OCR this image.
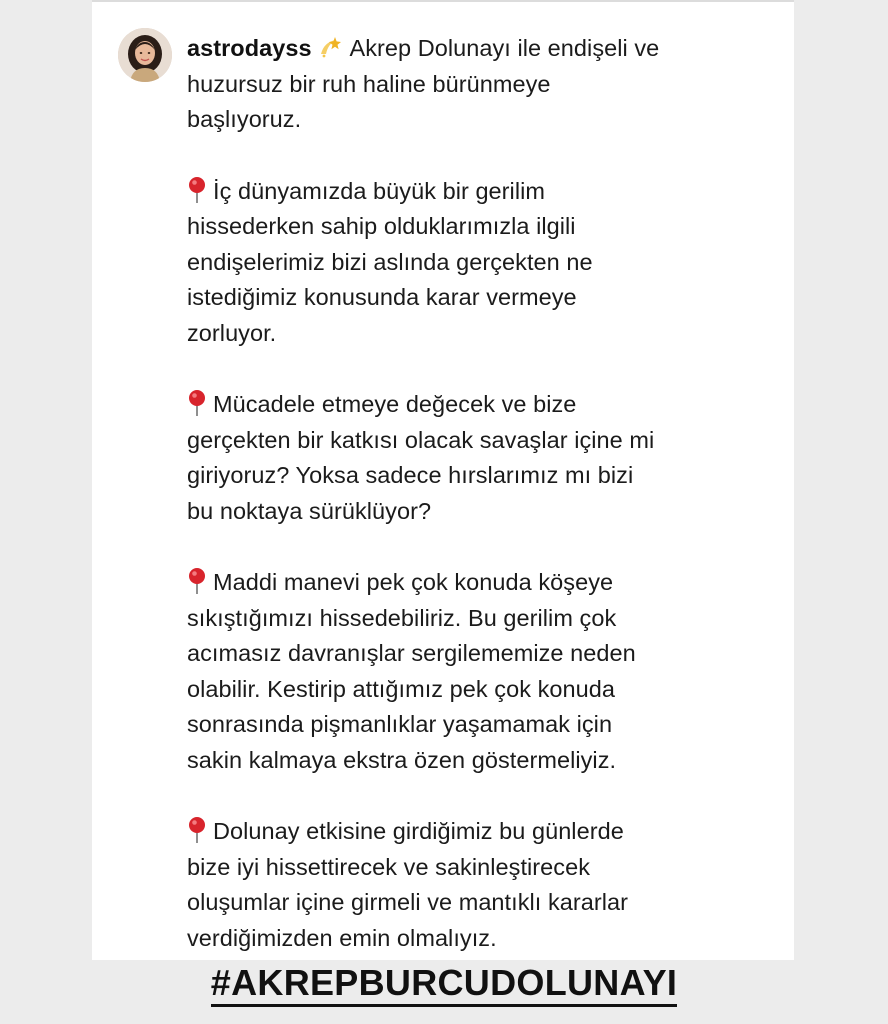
astrodayss Akrep Dolunayı ile endişeli ve
huzursuz bir ruh haline bürünmeye
başlıyoruz.

İç dünyamızda büyük bir gerilim
hissederken sahip olduklarımızla ilgili
endişelerimiz bizi aslında gerçekten ne
istediğimiz konusunda karar vermeye
zorluyor.

Mücadele etmeye değecek ve bize
gerçekten bir katkısı olacak savaşlar içine mi
giriyoruz? Yoksa sadece hırslarımız mı bizi
bu noktaya sürüklüyor?

Maddi manevi pek çok konuda köşeye
sıkıştığımızı hissedebiliriz. Bu gerilim çok
acımasız davranışlar sergilememize neden
olabilir. Kestirip attığımız pek çok konuda
sonrasında pişmanlıklar yaşamamak için
sakin kalmaya ekstra özen göstermeliyiz.

Dolunay etkisine girdiğimiz bu günlerde
bize iyi hissettirecek ve sakinleştirecek
oluşumlar içine girmeli ve mantıklı kararlar
verdiğimizden emin olmalıyız.

#AKREPBURCUDOLUNAYI
